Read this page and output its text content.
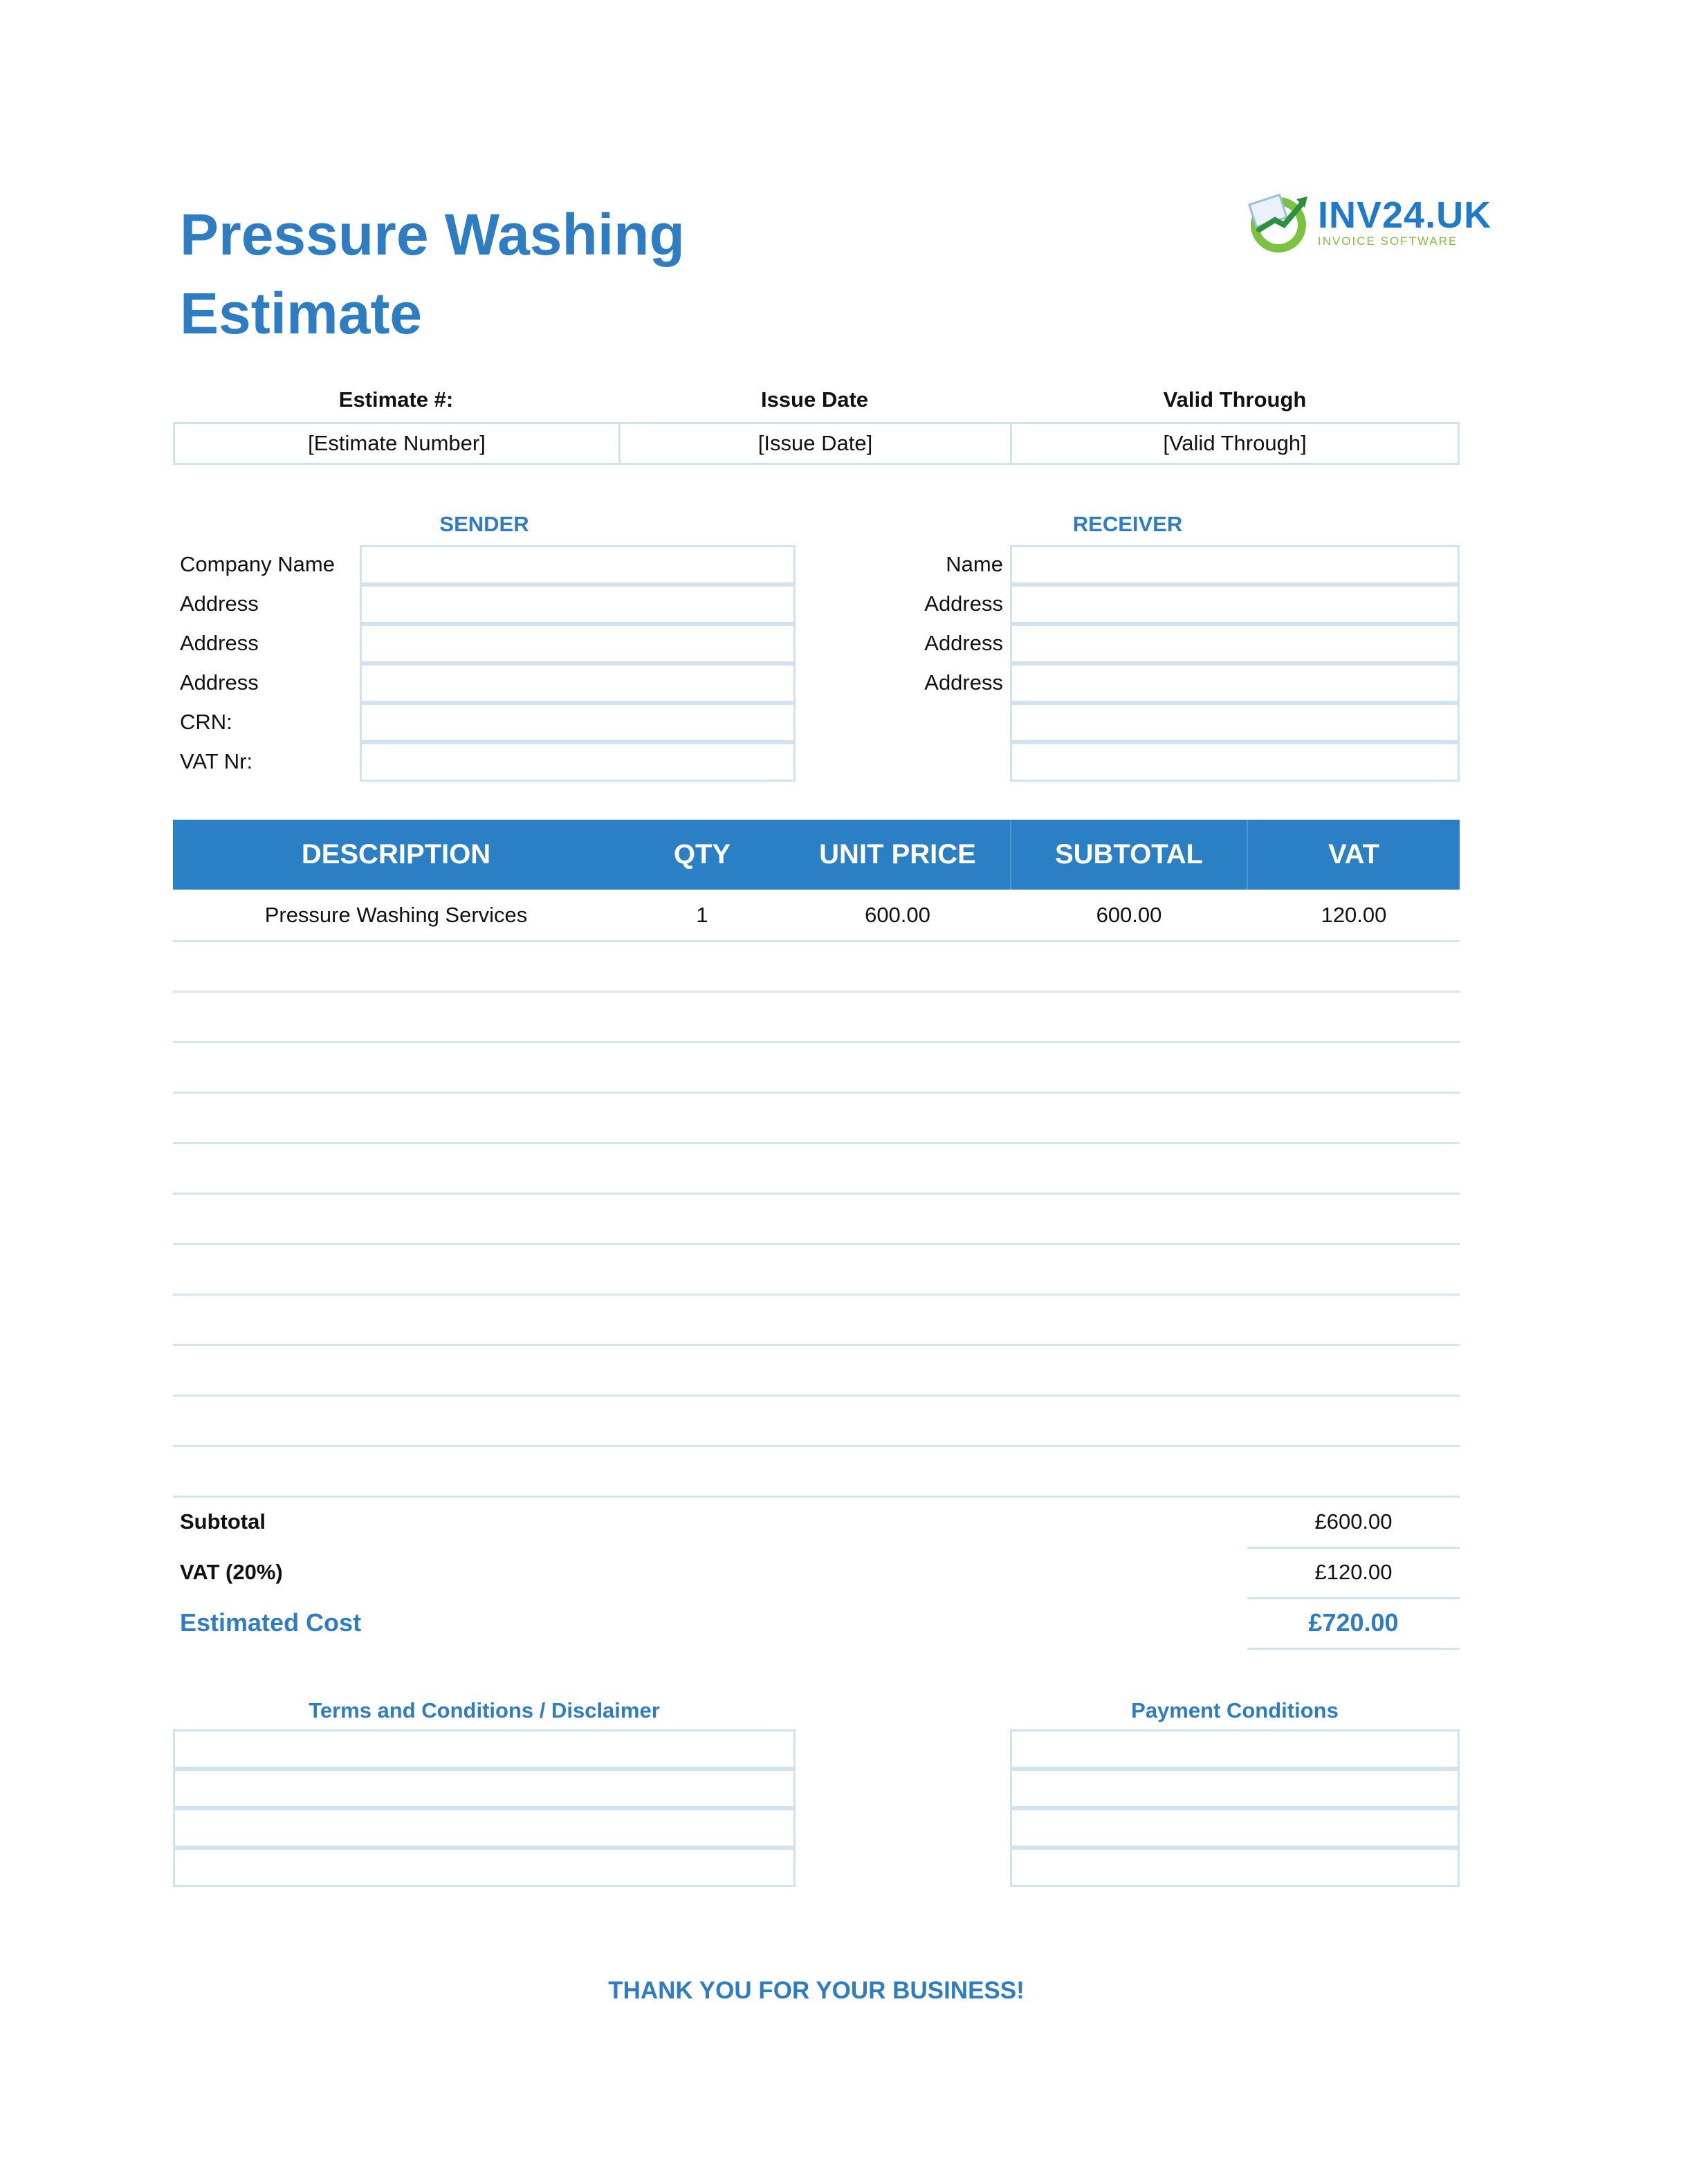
Pressure Washing
Estimate
INV24.UK
INVOICE SOFTWARE
Estimate #:	Issue Date	Valid Through
[Estimate Number]	[Issue Date]	[Valid Through]
SENDER	RECEIVER
Company Name
Address
Address
Address
CRN:
VAT Nr:
Name
Address
Address
Address
DESCRIPTION	QTY	UNIT PRICE	SUBTOTAL	VAT
Pressure Washing Services	1	600.00	600.00	120.00
Subtotal	£600.00
VAT (20%)	£120.00
Estimated Cost	£720.00
Terms and Conditions / Disclaimer	Payment Conditions
THANK YOU FOR YOUR BUSINESS!
